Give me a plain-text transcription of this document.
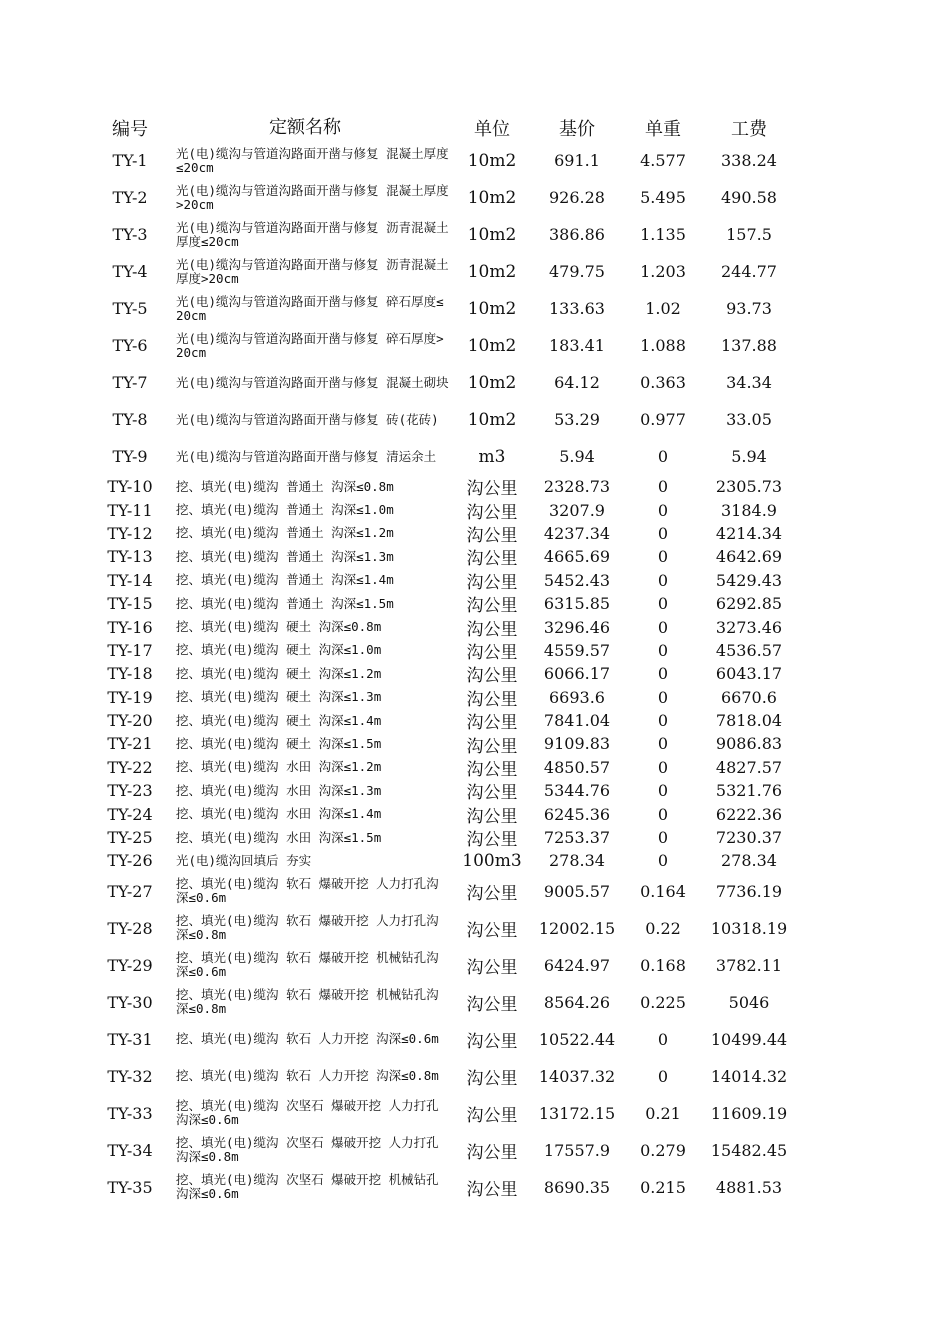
编号	定额名称	单位	基价	单重	工费
TY-1	光(电)缆沟与管道沟路面开凿与修复 混凝土厚度≤20cm	10m2	691.1	4.577	338.24
TY-2	光(电)缆沟与管道沟路面开凿与修复 混凝土厚度>20cm	10m2	926.28	5.495	490.58
TY-3	光(电)缆沟与管道沟路面开凿与修复 沥青混凝土 厚度≤20cm	10m2	386.86	1.135	157.5
TY-4	光(电)缆沟与管道沟路面开凿与修复 沥青混凝土 厚度>20cm	10m2	479.75	1.203	244.77
TY-5	光(电)缆沟与管道沟路面开凿与修复 碎石厚度≤20cm	10m2	133.63	1.02	93.73
TY-6	光(电)缆沟与管道沟路面开凿与修复 碎石厚度>20cm	10m2	183.41	1.088	137.88
TY-7	光(电)缆沟与管道沟路面开凿与修复 混凝土砌块	10m2	64.12	0.363	34.34
TY-8	光(电)缆沟与管道沟路面开凿与修复 砖(花砖)	10m2	53.29	0.977	33.05
TY-9	光(电)缆沟与管道沟路面开凿与修复 清运余土	m3	5.94	0	5.94
TY-10	挖、填光(电)缆沟 普通土 沟深≤0.8m	沟公里	2328.73	0	2305.73
TY-11	挖、填光(电)缆沟 普通土 沟深≤1.0m	沟公里	3207.9	0	3184.9
TY-12	挖、填光(电)缆沟 普通土 沟深≤1.2m	沟公里	4237.34	0	4214.34
TY-13	挖、填光(电)缆沟 普通土 沟深≤1.3m	沟公里	4665.69	0	4642.69
TY-14	挖、填光(电)缆沟 普通土 沟深≤1.4m	沟公里	5452.43	0	5429.43
TY-15	挖、填光(电)缆沟 普通土 沟深≤1.5m	沟公里	6315.85	0	6292.85
TY-16	挖、填光(电)缆沟 硬土 沟深≤0.8m	沟公里	3296.46	0	3273.46
TY-17	挖、填光(电)缆沟 硬土 沟深≤1.0m	沟公里	4559.57	0	4536.57
TY-18	挖、填光(电)缆沟 硬土 沟深≤1.2m	沟公里	6066.17	0	6043.17
TY-19	挖、填光(电)缆沟 硬土 沟深≤1.3m	沟公里	6693.6	0	6670.6
TY-20	挖、填光(电)缆沟 硬土 沟深≤1.4m	沟公里	7841.04	0	7818.04
TY-21	挖、填光(电)缆沟 硬土 沟深≤1.5m	沟公里	9109.83	0	9086.83
TY-22	挖、填光(电)缆沟 水田 沟深≤1.2m	沟公里	4850.57	0	4827.57
TY-23	挖、填光(电)缆沟 水田 沟深≤1.3m	沟公里	5344.76	0	5321.76
TY-24	挖、填光(电)缆沟 水田 沟深≤1.4m	沟公里	6245.36	0	6222.36
TY-25	挖、填光(电)缆沟 水田 沟深≤1.5m	沟公里	7253.37	0	7230.37
TY-26	光(电)缆沟回填后 夯实	100m3	278.34	0	278.34
TY-27	挖、填光(电)缆沟 软石 爆破开挖 人力打孔沟深≤0.6m	沟公里	9005.57	0.164	7736.19
TY-28	挖、填光(电)缆沟 软石 爆破开挖 人力打孔沟深≤0.8m	沟公里	12002.15	0.22	10318.19
TY-29	挖、填光(电)缆沟 软石 爆破开挖 机械钻孔沟深≤0.6m	沟公里	6424.97	0.168	3782.11
TY-30	挖、填光(电)缆沟 软石 爆破开挖 机械钻孔沟深≤0.8m	沟公里	8564.26	0.225	5046
TY-31	挖、填光(电)缆沟 软石 人力开挖 沟深≤0.6m	沟公里	10522.44	0	10499.44
TY-32	挖、填光(电)缆沟 软石 人力开挖 沟深≤0.8m	沟公里	14037.32	0	14014.32
TY-33	挖、填光(电)缆沟 次坚石 爆破开挖 人力打孔 沟深≤0.6m	沟公里	13172.15	0.21	11609.19
TY-34	挖、填光(电)缆沟 次坚石 爆破开挖 人力打孔 沟深≤0.8m	沟公里	17557.9	0.279	15482.45
TY-35	挖、填光(电)缆沟 次坚石 爆破开挖 机械钻孔 沟深≤0.6m	沟公里	8690.35	0.215	4881.53
